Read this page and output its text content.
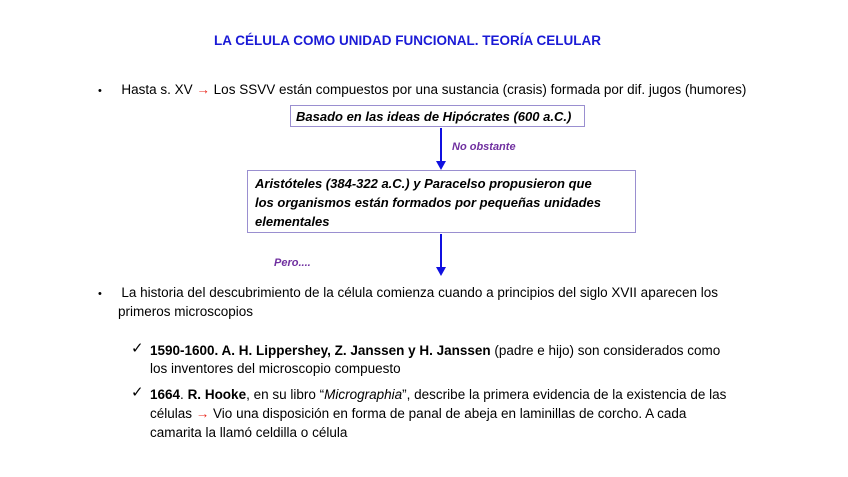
LA CÉLULA COMO UNIDAD FUNCIONAL. TEORÍA CELULAR
• Hasta s. XV → Los SSVV están compuestos por una sustancia (crasis) formada por dif. jugos (humores)
Basado en las ideas de Hipócrates (600 a.C.)
No obstante
Aristóteles (384-322 a.C.) y Paracelso propusieron que
los organismos están formados por pequeñas unidades
elementales
Pero....
• La historia del descubrimiento de la célula comienza cuando a principios del siglo XVII aparecen los
primeros microscopios
✓ 1590-1600. A. H. Lippershey, Z. Janssen y H. Janssen (padre e hijo) son considerados como
los inventores del microscopio compuesto
✓ 1664. R. Hooke, en su libro “Micrographia”, describe la primera evidencia de la existencia de las
células → Vio una disposición en forma de panal de abeja en laminillas de corcho. A cada
camarita la llamó celdilla o célula
